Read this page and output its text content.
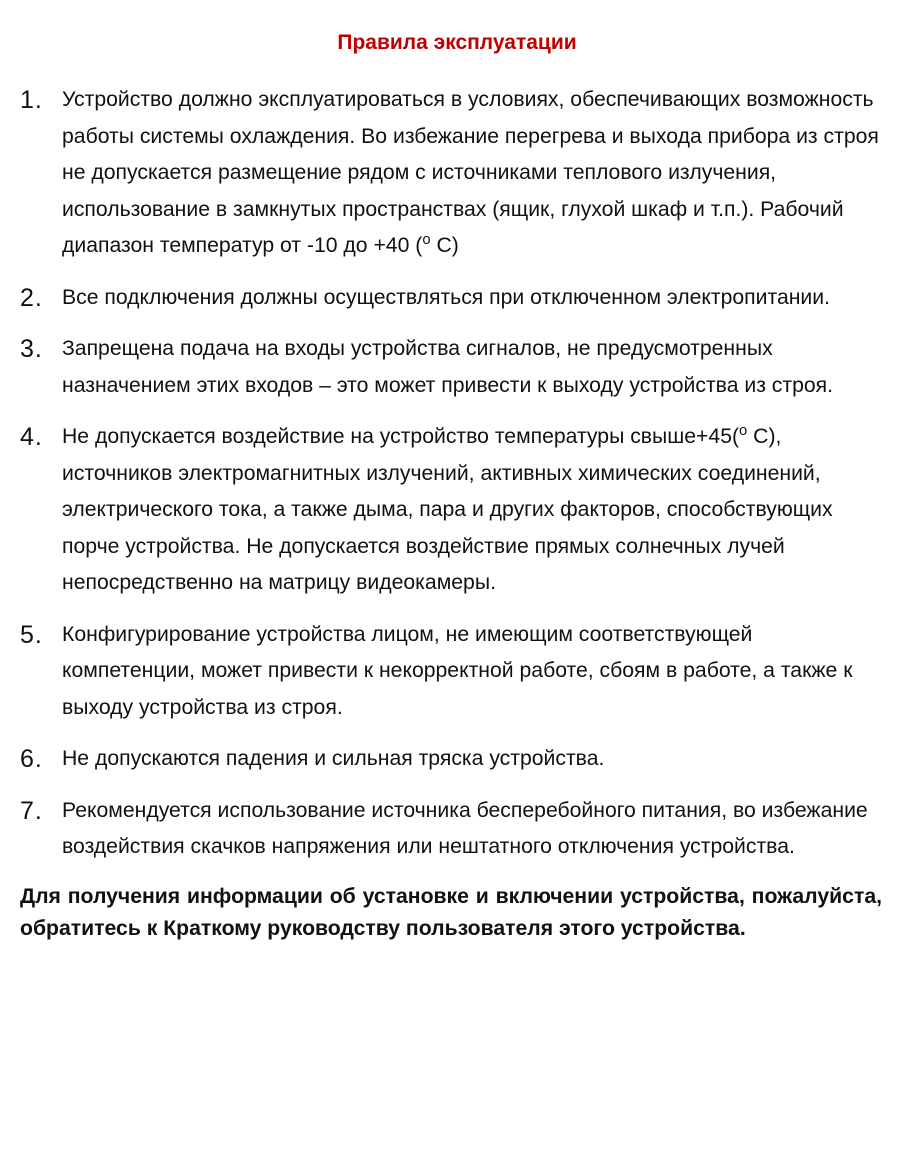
Правила эксплуатации
1. Устройство должно эксплуатироваться в условиях, обеспечивающих возможность работы системы охлаждения. Во избежание перегрева и выхода прибора из строя не допускается размещение рядом с источниками теплового излучения, использование в замкнутых пространствах (ящик, глухой шкаф и т.п.). Рабочий диапазон температур от -10 до +40 ($^o$ С)
2. Все подключения должны осуществляться при отключенном электропитании.
3. Запрещена подача на входы устройства сигналов, не предусмотренных назначением этих входов – это может привести к выходу устройства из строя.
4. Не допускается воздействие на устройство температуры свыше+45($^o$ С), источников электромагнитных излучений, активных химических соединений, электрического тока, а также дыма, пара и других факторов, способствующих порче устройства. Не допускается воздействие прямых солнечных лучей непосредственно на матрицу видеокамеры.
5. Конфигурирование устройства лицом, не имеющим соответствующей компетенции, может привести к некорректной работе, сбоям в работе, а также к выходу устройства из строя.
6. Не допускаются падения и сильная тряска устройства.
7. Рекомендуется использование источника бесперебойного питания, во избежание воздействия скачков напряжения или нештатного отключения устройства.
Для получения информации об установке и включении устройства, пожалуйста, обратитесь к Краткому руководству пользователя этого устройства.
